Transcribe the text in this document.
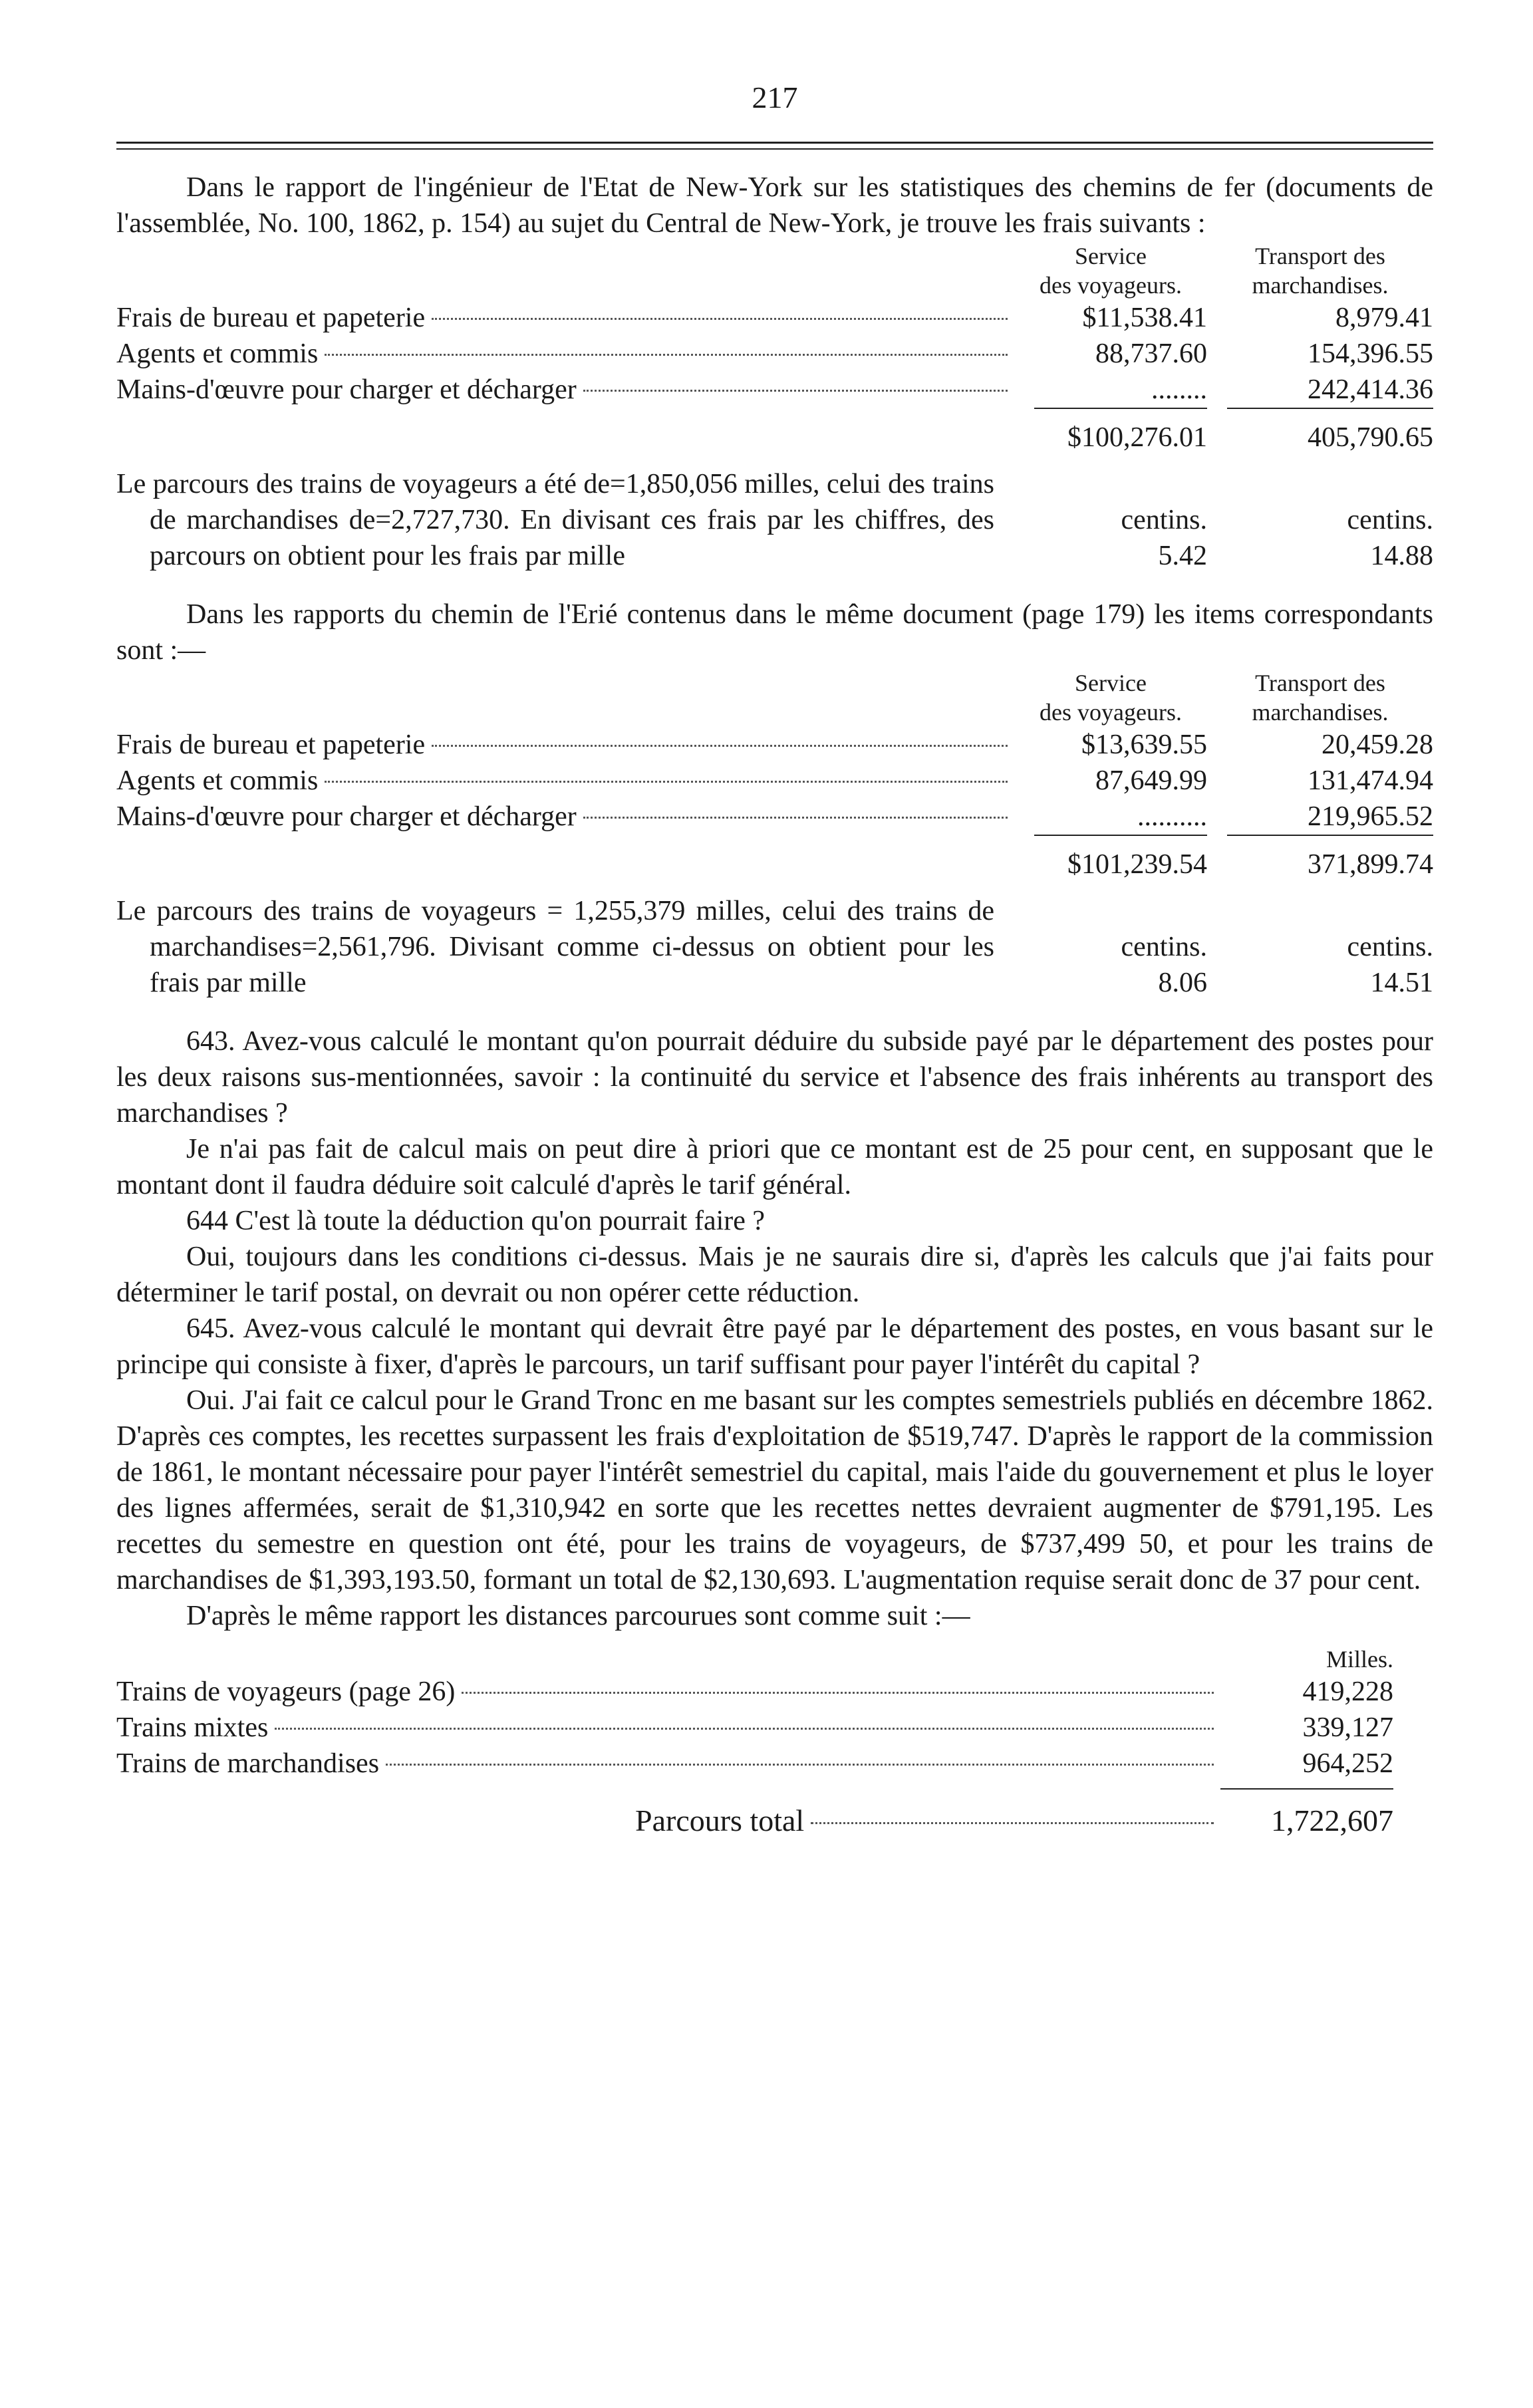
217

Dans le rapport de l'ingénieur de l'Etat de New-York sur les statistiques des chemins de fer (documents de l'assemblée, No. 100, 1862, p. 154) au sujet du Central de New-York, je trouve les frais suivants :

Service
des voyageurs.
Transport des
marchandises.
Frais de bureau et papeterie	$11,538.41	8,979.41
Agents et commis	88,737.60	154,396.55
Mains-d'œuvre pour charger et décharger	........	242,414.36
$100,276.01	405,790.65

Le parcours des trains de voyageurs a été de=1,850,056 milles, celui des trains de marchandises de=2,727,730. En divisant ces frais par les chiffres, des parcours on obtient pour les frais par mille

centins.
5.42
centins.
14.88

Dans les rapports du chemin de l'Erié contenus dans le même document (page 179) les items correspondants sont :—

Service
des voyageurs.
Transport des
marchandises.
Frais de bureau et papeterie	$13,639.55	20,459.28
Agents et commis	87,649.99	131,474.94
Mains-d'œuvre pour charger et décharger	..........	219,965.52
$101,239.54	371,899.74

Le parcours des trains de voyageurs = 1,255,379 milles, celui des trains de marchandises=2,561,796. Divisant comme ci-dessus on obtient pour les frais par mille

centins.
8.06
centins.
14.51

643. Avez-vous calculé le montant qu'on pourrait déduire du subside payé par le département des postes pour les deux raisons sus-mentionnées, savoir : la continuité du service et l'absence des frais inhérents au transport des marchandises ?

Je n'ai pas fait de calcul mais on peut dire à priori que ce montant est de 25 pour cent, en supposant que le montant dont il faudra déduire soit calculé d'après le tarif général.

644 C'est là toute la déduction qu'on pourrait faire ?

Oui, toujours dans les conditions ci-dessus. Mais je ne saurais dire si, d'après les calculs que j'ai faits pour déterminer le tarif postal, on devrait ou non opérer cette réduction.

645. Avez-vous calculé le montant qui devrait être payé par le département des postes, en vous basant sur le principe qui consiste à fixer, d'après le parcours, un tarif suffisant pour payer l'intérêt du capital ?

Oui. J'ai fait ce calcul pour le Grand Tronc en me basant sur les comptes semestriels publiés en décembre 1862. D'après ces comptes, les recettes surpassent les frais d'exploitation de $519,747. D'après le rapport de la commission de 1861, le montant nécessaire pour payer l'intérêt semestriel du capital, mais l'aide du gouvernement et plus le loyer des lignes affermées, serait de $1,310,942 en sorte que les recettes nettes devraient augmenter de $791,195. Les recettes du semestre en question ont été, pour les trains de voyageurs, de $737,499 50, et pour les trains de marchandises de $1,393,193.50, formant un total de $2,130,693. L'augmentation requise serait donc de 37 pour cent.

D'après le même rapport les distances parcourues sont comme suit :—

Milles.
Trains de voyageurs (page 26)	419,228
Trains mixtes	339,127
Trains de marchandises	964,252
Parcours total	1,722,607
